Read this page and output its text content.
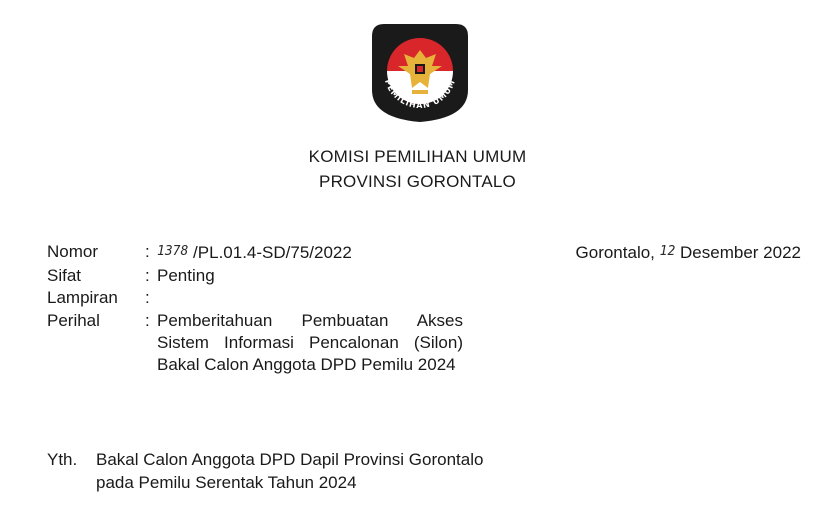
PEMILIHAN UMUM
KOMISI PEMILIHAN UMUM
PROVINSI GORONTALO
Nomor	: 1378 /PL.01.4-SD/75/2022
Sifat	: Penting
Lampiran	:
Perihal	: Pemberitahuan Pembuatan Akses Sistem Informasi Pencalonan (Silon) Bakal Calon Anggota DPD Pemilu 2024
Gorontalo, 12 Desember 2022
Yth.	Bakal Calon Anggota DPD Dapil Provinsi Gorontalo
pada Pemilu Serentak Tahun 2024
